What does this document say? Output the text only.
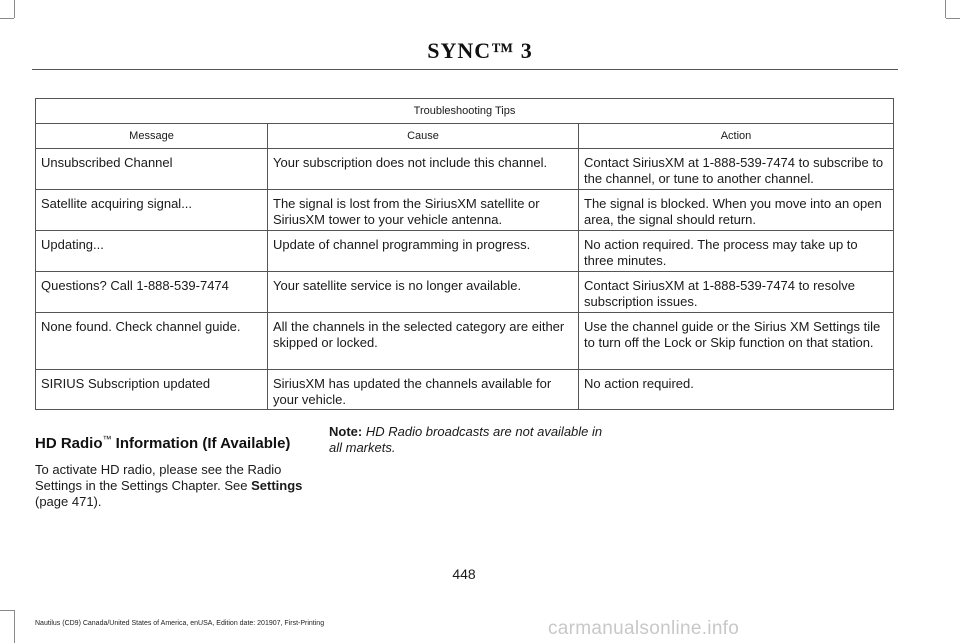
SYNC™ 3
Troubleshooting Tips		
Message	Cause	Action
Unsubscribed Channel	Your subscription does not include this channel.	Contact SiriusXM at 1-888-539-7474 to subscribe to the channel, or tune to another channel.
Satellite acquiring signal...	The signal is lost from the SiriusXM satellite or SiriusXM tower to your vehicle antenna.	The signal is blocked. When you move into an open area, the signal should return.
Updating...	Update of channel programming in progress.	No action required. The process may take up to three minutes.
Questions? Call 1-888-539-7474	Your satellite service is no longer available.	Contact SiriusXM at 1-888-539-7474 to resolve subscription issues.
None found. Check channel guide.	All the channels in the selected category are either skipped or locked.	Use the channel guide or the Sirius XM Settings tile to turn off the Lock or Skip function on that station.
SIRIUS Subscription updated	SiriusXM has updated the channels available for your vehicle.	No action required.
HD Radio™ Information (If Available)
To activate HD radio, please see the Radio Settings in the Settings Chapter. See Settings (page 471).
Note: HD Radio broadcasts are not available in all markets.
448
Nautilus (CD9) Canada/United States of America, enUSA, Edition date: 201907, First-Printing	carmanualsonline.info
